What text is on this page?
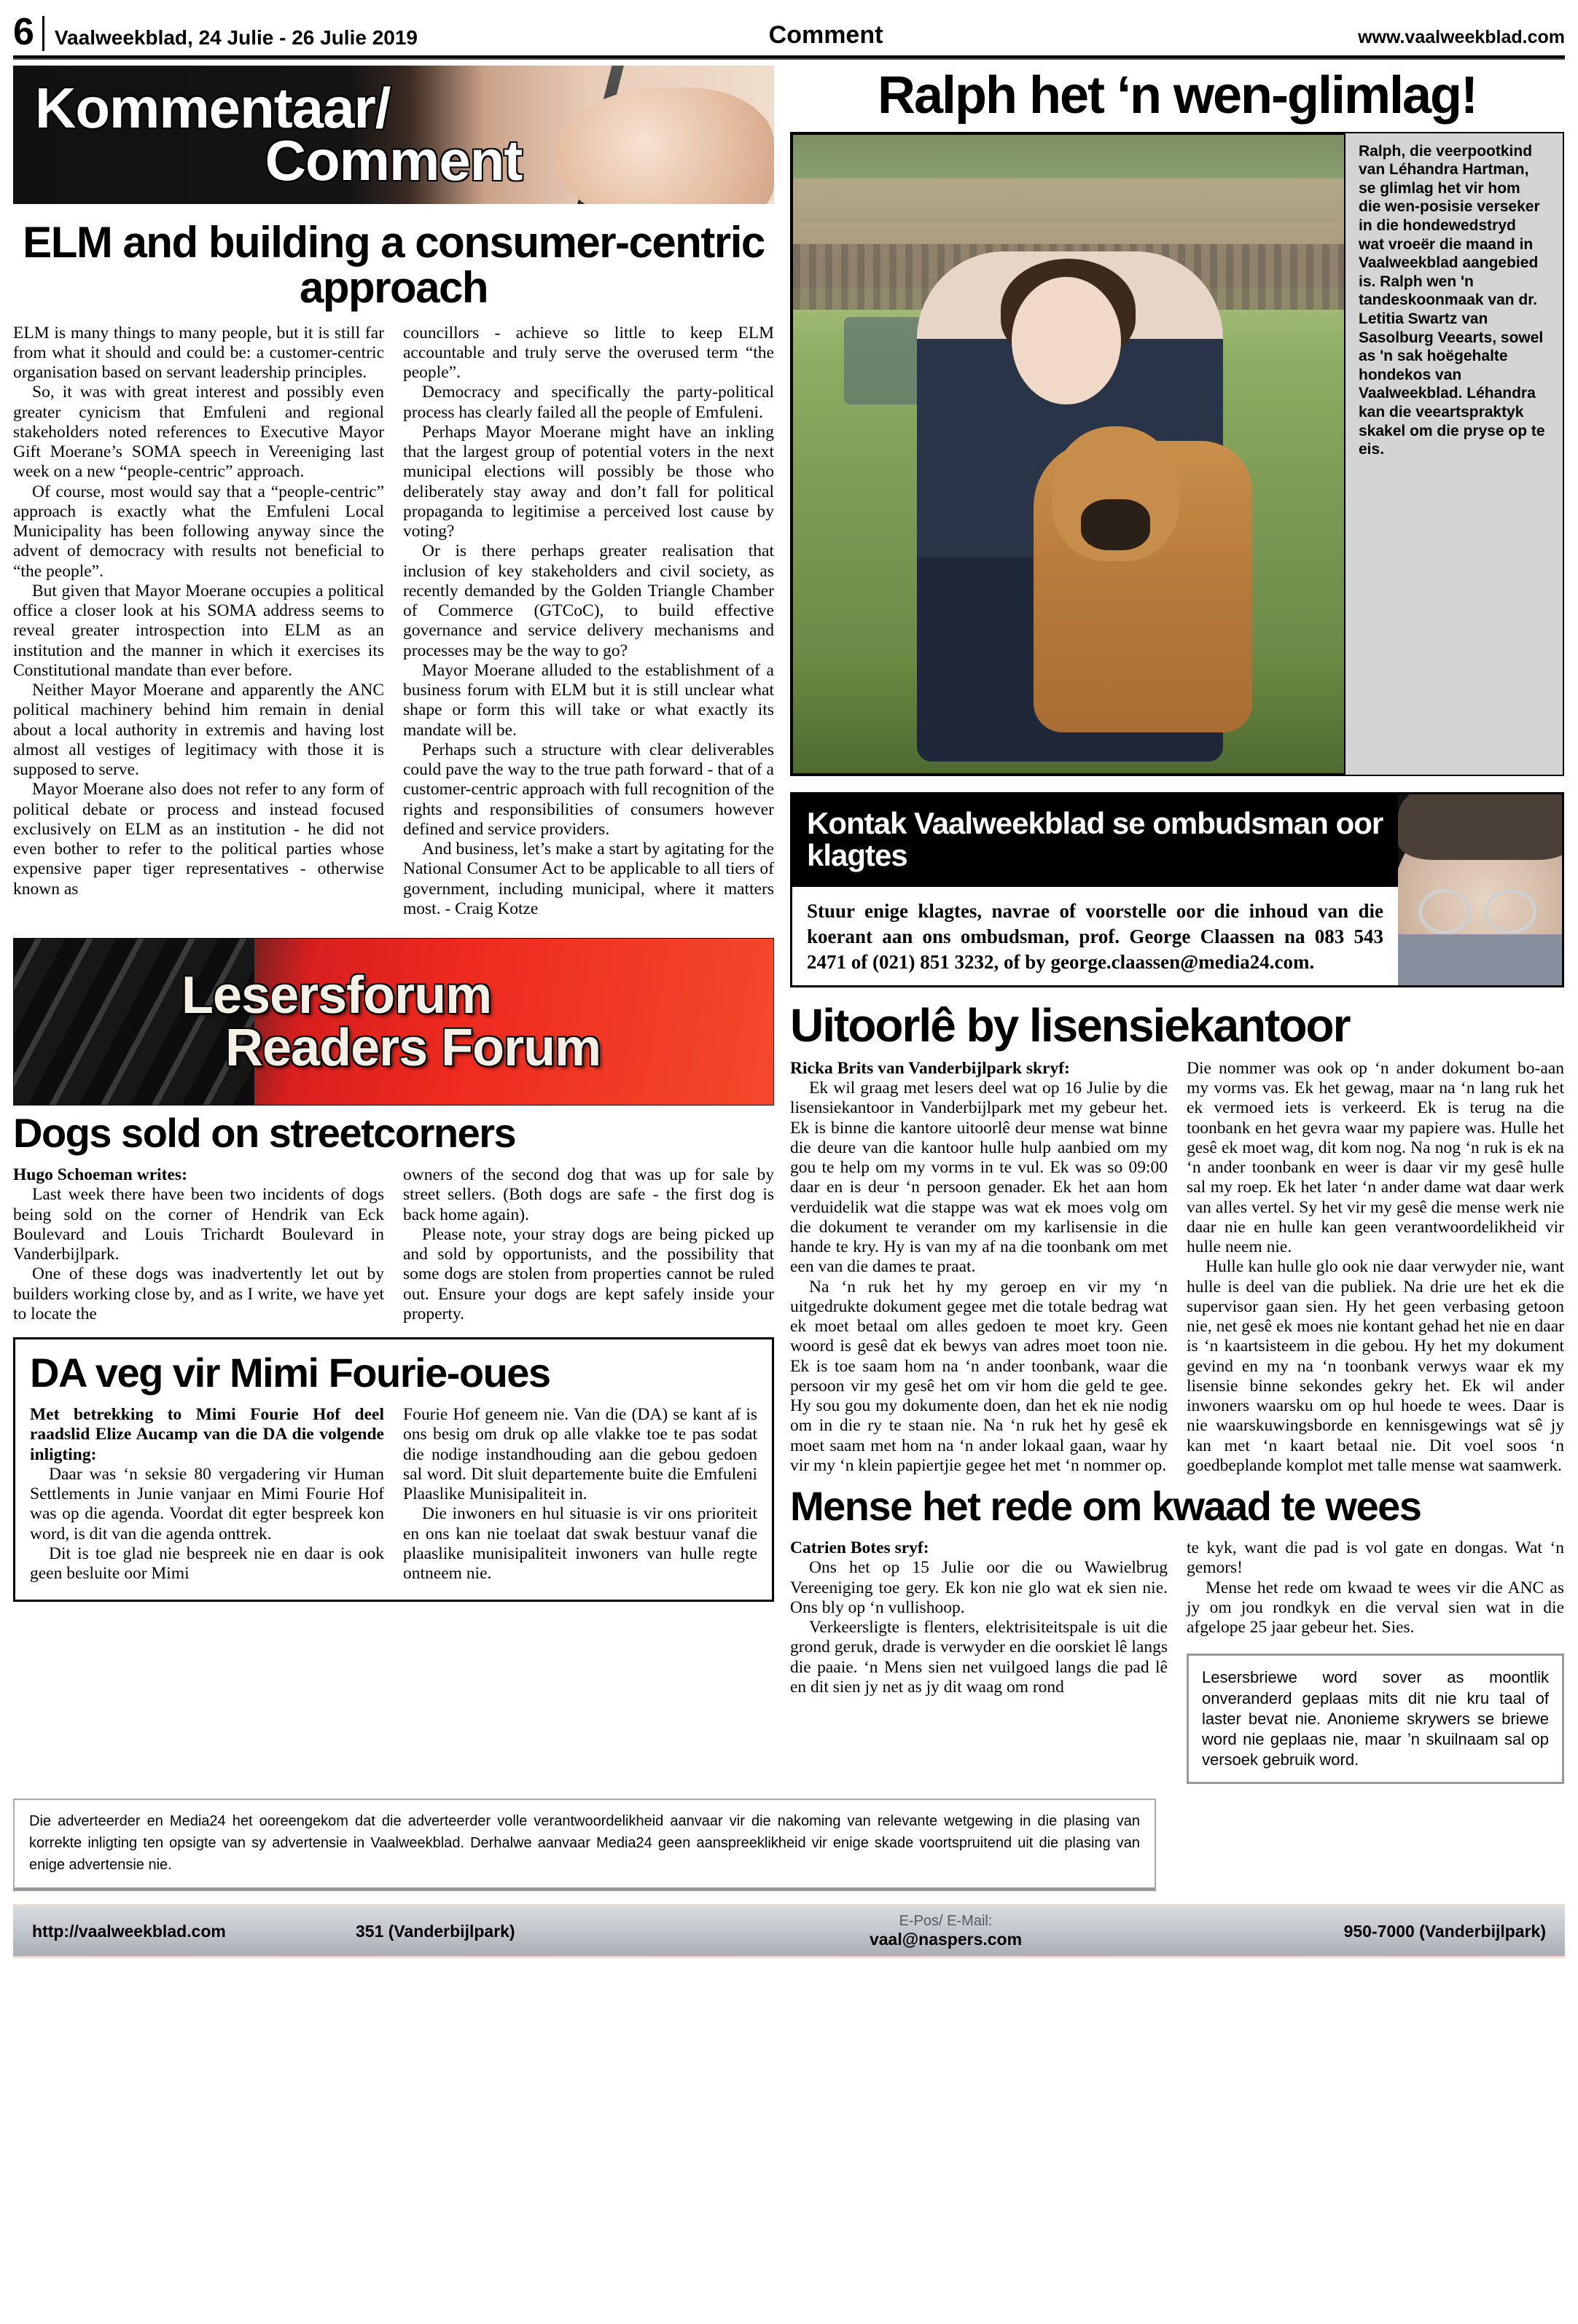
6	Vaalweekblad, 24 Julie - 26 Julie 2019	Comment	www.vaalweekblad.com
Kommentaar/
Comment
ELM and building a consumer-centric approach

ELM is many things to many people, but it is still far from what it should and could be: a customer-centric organisation based on servant leadership principles.

So, it was with great interest and possibly even greater cynicism that Emfuleni and regional stakeholders noted references to Executive Mayor Gift Moerane’s SOMA speech in Vereeniging last week on a new “people-centric” approach.

Of course, most would say that a “people-centric” approach is exactly what the Emfuleni Local Municipality has been following anyway since the advent of democracy with results not beneficial to “the people”.

But given that Mayor Moerane occupies a political office a closer look at his SOMA address seems to reveal greater introspection into ELM as an institution and the manner in which it exercises its Constitutional mandate than ever before.

Neither Mayor Moerane and apparently the ANC political machinery behind him remain in denial about a local authority in extremis and having lost almost all vestiges of legitimacy with those it is supposed to serve.

Mayor Moerane also does not refer to any form of political debate or process and instead focused exclusively on ELM as an institution - he did not even bother to refer to the political parties whose expensive paper tiger representatives - otherwise known as

councillors - achieve so little to keep ELM accountable and truly serve the overused term “the people”.

Democracy and specifically the party-political process has clearly failed all the people of Emfuleni.

Perhaps Mayor Moerane might have an inkling that the largest group of potential voters in the next municipal elections will possibly be those who deliberately stay away and don’t fall for political propaganda to legitimise a perceived lost cause by voting?

Or is there perhaps greater realisation that inclusion of key stakeholders and civil society, as recently demanded by the Golden Triangle Chamber of Commerce (GTCoC), to build effective governance and service delivery mechanisms and processes may be the way to go?

Mayor Moerane alluded to the establishment of a business forum with ELM but it is still unclear what shape or form this will take or what exactly its mandate will be.

Perhaps such a structure with clear deliverables could pave the way to the true path forward - that of a customer-centric approach with full recognition of the rights and responsibilities of consumers however defined and service providers.

And business, let’s make a start by agitating for the National Consumer Act to be applicable to all tiers of government, including municipal, where it matters most. - Craig Kotze

Lesersforum
Readers Forum
Dogs sold on streetcorners

Hugo Schoeman writes:

Last week there have been two incidents of dogs being sold on the corner of Hendrik van Eck Boulevard and Louis Trichardt Boulevard in Vanderbijlpark.

One of these dogs was inadvertently let out by builders working close by, and as I write, we have yet to locate the

owners of the second dog that was up for sale by street sellers. (Both dogs are safe - the first dog is back home again).

Please note, your stray dogs are being picked up and sold by opportunists, and the possibility that some dogs are stolen from properties cannot be ruled out. Ensure your dogs are kept safely inside your property.

DA veg vir Mimi Fourie-oues

Met betrekking to Mimi Fourie Hof deel raadslid Elize Aucamp van die DA die volgende inligting:

Daar was ‘n seksie 80 vergadering vir Human Settlements in Junie vanjaar en Mimi Fourie Hof was op die agenda. Voordat dit egter bespreek kon word, is dit van die agenda onttrek.

Dit is toe glad nie bespreek nie en daar is ook geen besluite oor Mimi

Fourie Hof geneem nie. Van die (DA) se kant af is ons besig om druk op alle vlakke toe te pas sodat die nodige instandhouding aan die gebou gedoen sal word. Dit sluit departemente buite die Emfuleni Plaaslike Munisipaliteit in.

Die inwoners en hul situasie is vir ons prioriteit en ons kan nie toelaat dat swak bestuur vanaf die plaaslike munisipaliteit inwoners van hulle regte ontneem nie.

Ralph het ‘n wen-glimlag!
Ralph, die veerpootkind van Léhandra Hartman, se glimlag het vir hom die wen-posisie verseker in die hondewedstryd wat vroeër die maand in Vaalweekblad aangebied is. Ralph wen 'n tandeskoonmaak van dr. Letitia Swartz van Sasolburg Veearts, sowel as 'n sak hoëgehalte hondekos van Vaalweekblad. Léhandra kan die veeartspraktyk skakel om die pryse op te eis.
Kontak Vaalweekblad se ombudsman oor klagtes
Stuur enige klagtes, navrae of voorstelle oor die inhoud van die koerant aan ons ombudsman, prof. George Claassen na 083 543 2471 of (021) 851 3232, of by george.claassen@media24.com.
Uitoorlê by lisensiekantoor

Ricka Brits van Vanderbijlpark skryf:

Ek wil graag met lesers deel wat op 16 Julie by die lisensiekantoor in Vanderbijlpark met my gebeur het. Ek is binne die kantore uitoorlê deur mense wat binne die deure van die kantoor hulle hulp aanbied om my gou te help om my vorms in te vul. Ek was so 09:00 daar en is deur ‘n persoon genader. Ek het aan hom verduidelik wat die stappe was wat ek moes volg om die dokument te verander om my karlisensie in die hande te kry. Hy is van my af na die toonbank om met een van die dames te praat.

Na ‘n ruk het hy my geroep en vir my ‘n uitgedrukte dokument gegee met die totale bedrag wat ek moet betaal om alles gedoen te moet kry. Geen woord is gesê dat ek bewys van adres moet toon nie. Ek is toe saam hom na ‘n ander toonbank, waar die persoon vir my gesê het om vir hom die geld te gee. Hy sou gou my dokumente doen, dan het ek nie nodig om in die ry te staan nie. Na ‘n ruk het hy gesê ek moet saam met hom na ‘n ander lokaal gaan, waar hy vir my ‘n klein papiertjie gegee het met ‘n nommer op.

Die nommer was ook op ‘n ander dokument bo-aan my vorms vas. Ek het gewag, maar na ‘n lang ruk het ek vermoed iets is verkeerd. Ek is terug na die toonbank en het gevra waar my papiere was. Hulle het gesê ek moet wag, dit kom nog. Na nog ‘n ruk is ek na ‘n ander toonbank en weer is daar vir my gesê hulle sal my roep. Ek het later ‘n ander dame wat daar werk van alles vertel. Sy het vir my gesê die mense werk nie daar nie en hulle kan geen verantwoordelikheid vir hulle neem nie.

Hulle kan hulle glo ook nie daar verwyder nie, want hulle is deel van die publiek. Na drie ure het ek die supervisor gaan sien. Hy het geen verbasing getoon nie, net gesê ek moes nie kontant gehad het nie en daar is ‘n kaartsisteem in die gebou. Hy het my dokument gevind en my na ‘n toonbank verwys waar ek my lisensie binne sekondes gekry het. Ek wil ander inwoners waarsku om op hul hoede te wees. Daar is nie waarskuwingsborde en kennisgewings wat sê jy kan met ‘n kaart betaal nie. Dit voel soos ‘n goedbeplande komplot met talle mense wat saamwerk.

Mense het rede om kwaad te wees

Catrien Botes sryf:

Ons het op 15 Julie oor die ou Wawielbrug Vereeniging toe gery. Ek kon nie glo wat ek sien nie. Ons bly op ‘n vullishoop.

Verkeersligte is flenters, elektrisiteitspale is uit die grond geruk, drade is verwyder en die oorskiet lê langs die paaie. ‘n Mens sien net vuilgoed langs die pad lê en dit sien jy net as jy dit waag om rond

te kyk, want die pad is vol gate en dongas. Wat ‘n gemors!

Mense het rede om kwaad te wees vir die ANC as jy om jou rondkyk en die verval sien wat in die afgelope 25 jaar gebeur het. Sies.

Lesersbriewe word sover as moontlik onveranderd geplaas mits dit nie kru taal of laster bevat nie. Anonieme skrywers se briewe word nie geplaas nie, maar ’n skuilnaam sal op versoek gebruik word.
Die adverteerder en Media24 het ooreengekom dat die adverteerder volle verantwoordelikheid aanvaar vir die nakoming van relevante wetgewing in die plasing van korrekte inligting ten opsigte van sy advertensie in Vaalweekblad. Derhalwe aanvaar Media24 geen aanspreeklikheid vir enige skade voortspruitend uit die plasing van enige advertensie nie.
http://vaalweekblad.com	351 (Vanderbijlpark)
E-Pos/ E-Mail:
vaal@naspers.com	950-7000 (Vanderbijlpark)
